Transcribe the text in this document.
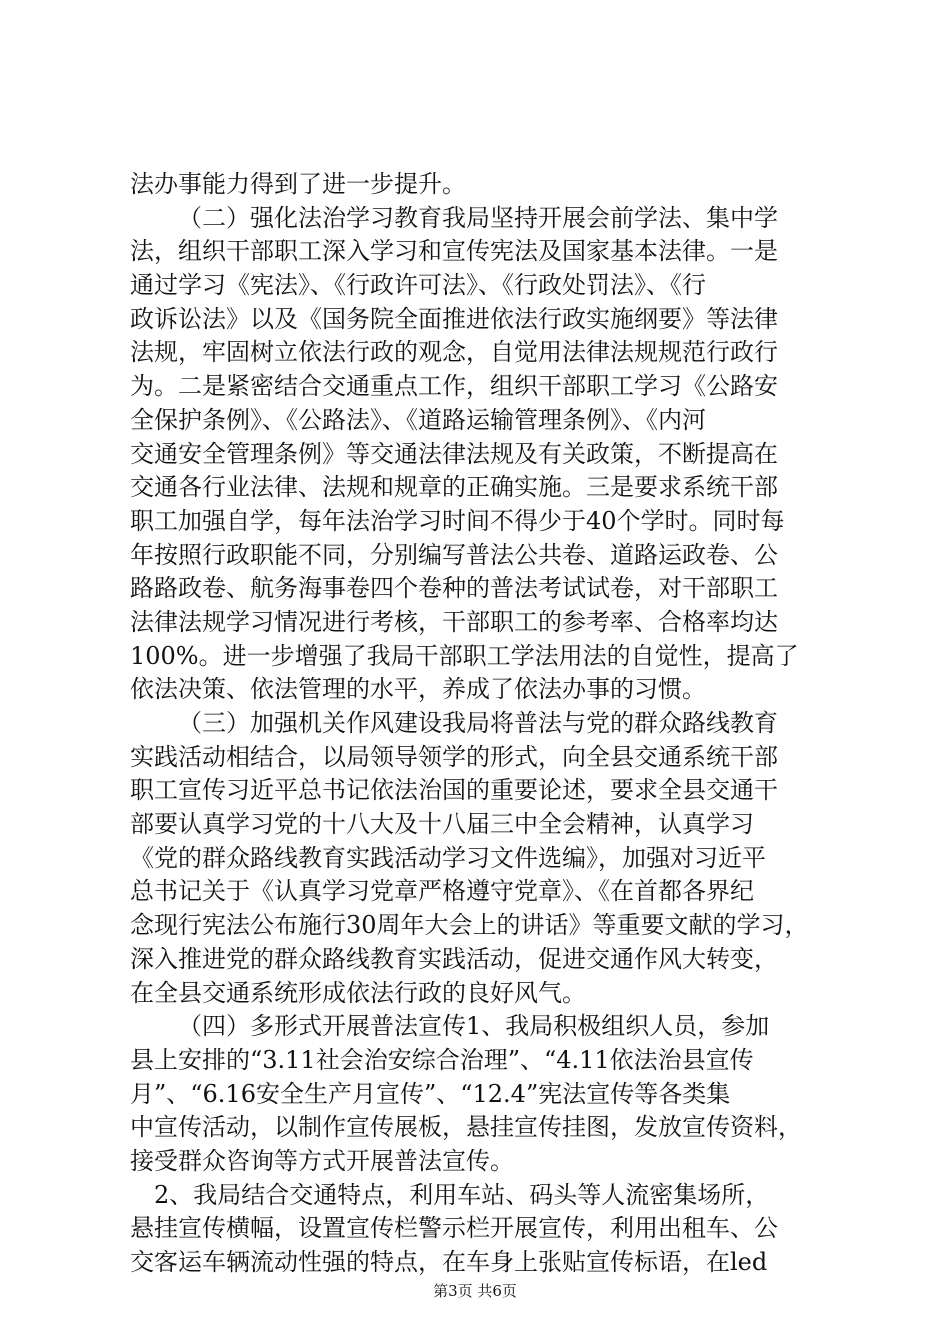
法办事能力得到了进一步提升。
（二）强化法治学习教育我局坚持开展会前学法、集中学
法，组织干部职工深入学习和宣传宪法及国家基本法律。一是
通过学习《宪法》、《行政许可法》、《行政处罚法》、《行
政诉讼法》以及《国务院全面推进依法行政实施纲要》等法律
法规，牢固树立依法行政的观念，自觉用法律法规规范行政行
为。二是紧密结合交通重点工作，组织干部职工学习《公路安
全保护条例》、《公路法》、《道路运输管理条例》、《内河
交通安全管理条例》等交通法律法规及有关政策，不断提高在
交通各行业法律、法规和规章的正确实施。三是要求系统干部
职工加强自学，每年法治学习时间不得少于40个学时。同时每
年按照行政职能不同，分别编写普法公共卷、道路运政卷、公
路路政卷、航务海事卷四个卷种的普法考试试卷，对干部职工
法律法规学习情况进行考核，干部职工的参考率、合格率均达
100%。进一步增强了我局干部职工学法用法的自觉性，提高了
依法决策、依法管理的水平，养成了依法办事的习惯。
（三）加强机关作风建设我局将普法与党的群众路线教育
实践活动相结合，以局领导领学的形式，向全县交通系统干部
职工宣传习近平总书记依法治国的重要论述，要求全县交通干
部要认真学习党的十八大及十八届三中全会精神，认真学习
《党的群众路线教育实践活动学习文件选编》，加强对习近平
总书记关于《认真学习党章严格遵守党章》、《在首都各界纪
念现行宪法公布施行30周年大会上的讲话》等重要文献的学习，
深入推进党的群众路线教育实践活动，促进交通作风大转变，
在全县交通系统形成依法行政的良好风气。
（四）多形式开展普法宣传1、我局积极组织人员，参加
县上安排的“3.11社会治安综合治理”、“4.11依法治县宣传
月”、“6.16安全生产月宣传”、“12.4”宪法宣传等各类集
中宣传活动，以制作宣传展板，悬挂宣传挂图，发放宣传资料，
接受群众咨询等方式开展普法宣传。
2、我局结合交通特点，利用车站、码头等人流密集场所，
悬挂宣传横幅，设置宣传栏警示栏开展宣传，利用出租车、公
交客运车辆流动性强的特点，在车身上张贴宣传标语，在led
第3页 共6页
